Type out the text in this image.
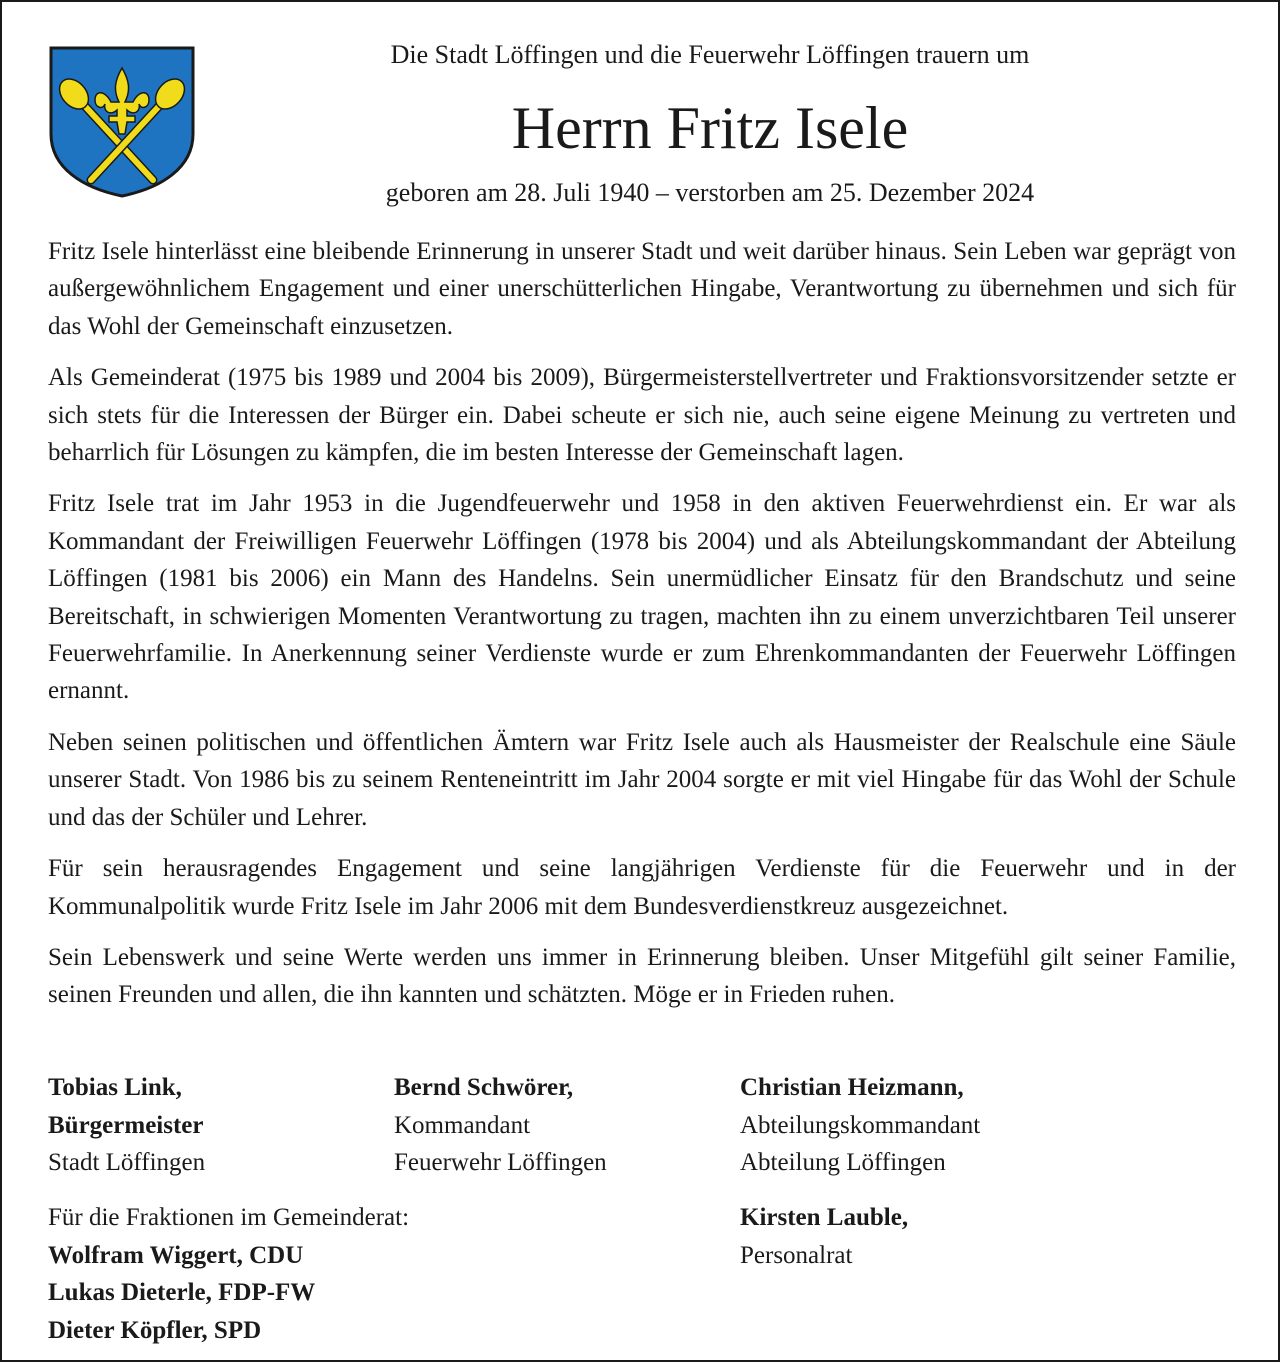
Die Stadt Löffingen und die Feuerwehr Löffingen trauern um
Herrn Fritz Isele
geboren am 28. Juli 1940 – verstorben am 25. Dezember 2024

Fritz Isele hinterlässt eine bleibende Erinnerung in unserer Stadt und weit darüber hinaus. Sein Leben war geprägt von außergewöhnlichem Engagement und einer unerschütterlichen Hingabe, Verantwortung zu übernehmen und sich für das Wohl der Gemeinschaft einzusetzen.

Als Gemeinderat (1975 bis 1989 und 2004 bis 2009), Bürgermeisterstellvertreter und Fraktionsvorsitzender setzte er sich stets für die Interessen der Bürger ein. Dabei scheute er sich nie, auch seine eigene Meinung zu vertreten und beharrlich für Lösungen zu kämpfen, die im besten Interesse der Gemeinschaft lagen.

Fritz Isele trat im Jahr 1953 in die Jugendfeuerwehr und 1958 in den aktiven Feuerwehrdienst ein. Er war als Kommandant der Freiwilligen Feuerwehr Löffingen (1978 bis 2004) und als Abteilungskommandant der Abteilung Löffingen (1981 bis 2006) ein Mann des Handelns. Sein unermüdlicher Einsatz für den Brandschutz und seine Bereitschaft, in schwierigen Momenten Verantwortung zu tragen, machten ihn zu einem unverzichtbaren Teil unserer Feuerwehrfamilie. In Anerkennung seiner Verdienste wurde er zum Ehrenkommandanten der Feuerwehr Löffingen ernannt.

Neben seinen politischen und öffentlichen Ämtern war Fritz Isele auch als Hausmeister der Realschule eine Säule unserer Stadt. Von 1986 bis zu seinem Renteneintritt im Jahr 2004 sorgte er mit viel Hingabe für das Wohl der Schule und das der Schüler und Lehrer.

Für sein herausragendes Engagement und seine langjährigen Verdienste für die Feuerwehr und in der Kommunalpolitik wurde Fritz Isele im Jahr 2006 mit dem Bundesverdienstkreuz ausgezeichnet.

Sein Lebenswerk und seine Werte werden uns immer in Erinnerung bleiben. Unser Mitgefühl gilt seiner Familie, seinen Freunden und allen, die ihn kannten und schätzten. Möge er in Frieden ruhen.

Tobias Link,
Bürgermeister
Stadt Löffingen
Bernd Schwörer,
Kommandant
Feuerwehr Löffingen
Christian Heizmann,
Abteilungskommandant
Abteilung Löffingen
Für die Fraktionen im Gemeinderat:
Wolfram Wiggert, CDU
Lukas Dieterle, FDP-FW
Dieter Köpfler, SPD
Kirsten Lauble,
Personalrat
